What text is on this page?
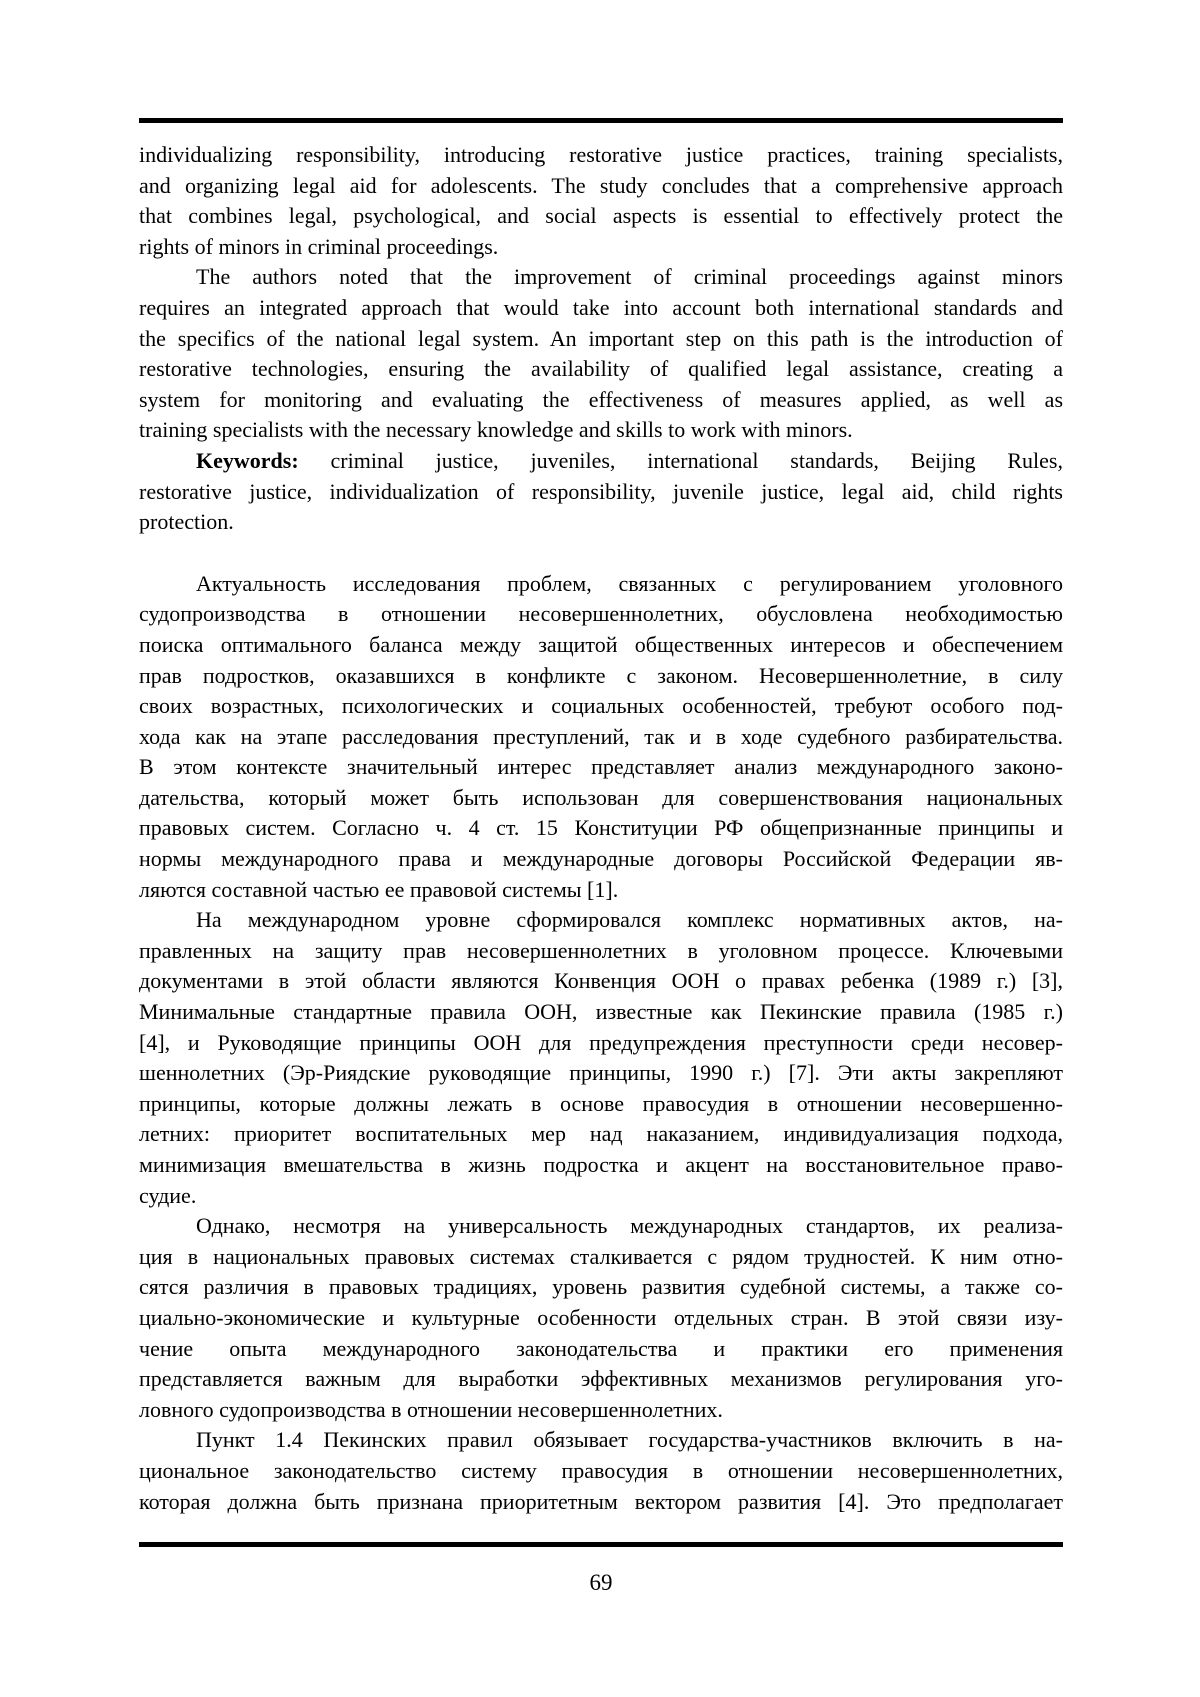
individualizing responsibility, introducing restorative justice practices, training specialists,
and organizing legal aid for adolescents. The study concludes that a comprehensive approach
that combines legal, psychological, and social aspects is essential to effectively protect the
rights of minors in criminal proceedings.
The authors noted that the improvement of criminal proceedings against minors
requires an integrated approach that would take into account both international standards and
the specifics of the national legal system. An important step on this path is the introduction of
restorative technologies, ensuring the availability of qualified legal assistance, creating a
system for monitoring and evaluating the effectiveness of measures applied, as well as
training specialists with the necessary knowledge and skills to work with minors.
Keywords: criminal justice, juveniles, international standards, Beijing Rules,
restorative justice, individualization of responsibility, juvenile justice, legal aid, child rights
protection.
Актуальность исследования проблем, связанных с регулированием уголовного
судопроизводства в отношении несовершеннолетних, обусловлена необходимостью
поиска оптимального баланса между защитой общественных интересов и обеспечением
прав подростков, оказавшихся в конфликте с законом. Несовершеннолетние, в силу
своих возрастных, психологических и социальных особенностей, требуют особого под-
хода как на этапе расследования преступлений, так и в ходе судебного разбирательства.
В этом контексте значительный интерес представляет анализ международного законо-
дательства, который может быть использован для совершенствования национальных
правовых систем. Согласно ч. 4 ст. 15 Конституции РФ общепризнанные принципы и
нормы международного права и международные договоры Российской Федерации яв-
ляются составной частью ее правовой системы [1].
На международном уровне сформировался комплекс нормативных актов, на-
правленных на защиту прав несовершеннолетних в уголовном процессе. Ключевыми
документами в этой области являются Конвенция ООН о правах ребенка (1989 г.) [3],
Минимальные стандартные правила ООН, известные как Пекинские правила (1985 г.)
[4], и Руководящие принципы ООН для предупреждения преступности среди несовер-
шеннолетних (Эр-Риядские руководящие принципы, 1990 г.) [7]. Эти акты закрепляют
принципы, которые должны лежать в основе правосудия в отношении несовершенно-
летних: приоритет воспитательных мер над наказанием, индивидуализация подхода,
минимизация вмешательства в жизнь подростка и акцент на восстановительное право-
судие.
Однако, несмотря на универсальность международных стандартов, их реализа-
ция в национальных правовых системах сталкивается с рядом трудностей. К ним отно-
сятся различия в правовых традициях, уровень развития судебной системы, а также со-
циально-экономические и культурные особенности отдельных стран. В этой связи изу-
чение опыта международного законодательства и практики его применения
представляется важным для выработки эффективных механизмов регулирования уго-
ловного судопроизводства в отношении несовершеннолетних.
Пункт 1.4 Пекинских правил обязывает государства-участников включить в на-
циональное законодательство систему правосудия в отношении несовершеннолетних,
которая должна быть признана приоритетным вектором развития [4]. Это предполагает
69
